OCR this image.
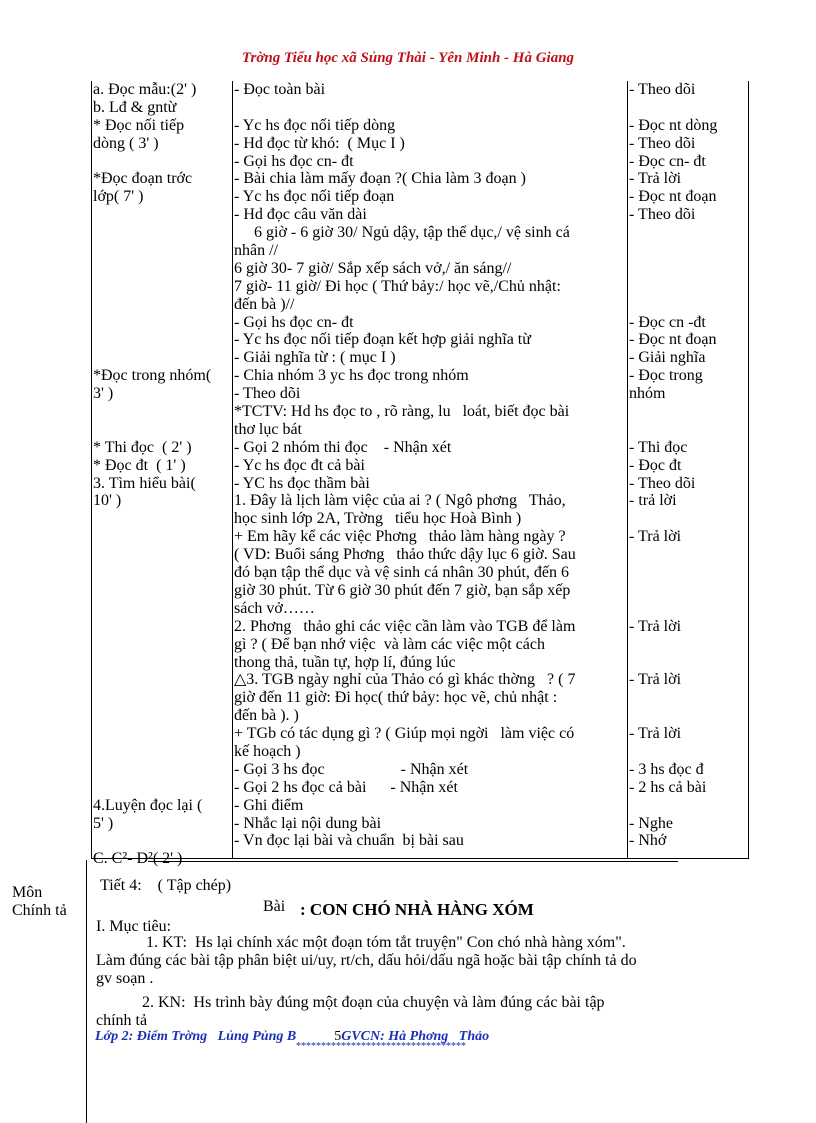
Trờng Tiểu học xã Sủng Thài - Yên Minh - Hà Giang
a. Đọc mẫu:(2' )
b. Lđ & gntừ
* Đọc nối tiếp
dòng ( 3' )
*Đọc đoạn trớc
lớp( 7' )
*Đọc trong nhóm(
3' )
* Thi đọc  ( 2' )
* Đọc đt  ( 1' )
3. Tìm hiểu bài(
10' )
4.Luyện đọc lại (
5' )
C. C²- D²( 2' )
- Đọc toàn bài
- Yc hs đọc nối tiếp dòng
- Hd đọc từ khó:  ( Mục I )
- Gọi hs đọc cn- đt
- Bài chia làm mấy đoạn ?( Chia làm 3 đoạn )
- Yc hs đọc nối tiếp đoạn
- Hd đọc câu văn dài
6 giờ - 6 giờ 30/ Ngủ dậy, tập thể dục,/ vệ sinh cá
nhân //
6 giờ 30- 7 giờ/ Sắp xếp sách vở,/ ăn sáng//
7 giờ- 11 giờ/ Đi học ( Thứ bảy:/ học vẽ,/Chủ nhật:
đến bà )//
- Gọi hs đọc cn- đt
- Yc hs đọc nối tiếp đoạn kết hợp giải nghĩa từ
- Giải nghĩa từ : ( mục I )
- Chia nhóm 3 yc hs đọc trong nhóm
- Theo dõi
*TCTV: Hd hs đọc to , rõ ràng, lu   loát, biết đọc bài
thơ lục bát
- Gọi 2 nhóm thi đọc    - Nhận xét
- Yc hs đọc đt cả bài
- YC hs đọc thầm bài
1. Đây là lịch làm việc của ai ? ( Ngô phơng   Thảo,
học sinh lớp 2A, Trờng   tiểu học Hoà Bình )
+ Em hãy kể các việc Phơng   thảo làm hàng ngày ?
( VD: Buổi sáng Phơng   thảo thức dậy lục 6 giờ. Sau
đó bạn tập thể dục và vệ sinh cá nhân 30 phút, đến 6
giờ 30 phút. Từ 6 giờ 30 phút đến 7 giờ, bạn sắp xếp
sách vở……
2. Phơng   thảo ghi các việc cần làm vào TGB để làm
gì ? ( Để bạn nhớ việc  và làm các việc một cách
thong thả, tuần tự, hợp lí, đúng lúc
△3. TGB ngày nghỉ của Thảo có gì khác thờng   ? ( 7
giờ đến 11 giờ: Đi học( thứ bảy: học vẽ, chủ nhật :
đến bà ). )
+ TGb có tác dụng gì ? ( Giúp mọi ngời   làm việc có
kế hoạch )
- Gọi 3 hs đọc                   - Nhận xét
- Gọi 2 hs đọc cả bài      - Nhận xét
- Ghi điểm
- Nhắc lại nội dung bài
- Vn đọc lại bài và chuẩn  bị bài sau
- Theo dõi
- Đọc nt dòng
- Theo dõi
- Đọc cn- đt
- Trả lời
- Đọc nt đoạn
- Theo dõi
- Đọc cn -đt
- Đọc nt đoạn
- Giải nghĩa
- Đọc trong
nhóm
- Thi đọc
- Đọc đt
- Theo dõi
- trả lời
- Trả lời
- Trả lời
- Trả lời
- Trả lời
- 3 hs đọc đ
- 2 hs cả bài
- Nghe
- Nhớ
Môn
Chính tả
Tiết 4:    ( Tập chép)
Bài : CON CHÓ NHÀ HÀNG XÓM
I. Mục tiêu:
1. KT:  Hs lại chính xác một đoạn tóm tắt truyện" Con chó nhà hàng xóm".
Làm đúng các bài tập phân biệt ui/uy, rt/ch, dấu hỏi/dấu ngã hoặc bài tập chính tả do
gv soạn .
2. KN:  Hs trình bày đúng một đoạn của chuyện và làm đúng các bài tập
chính tả
Lớp 2: Điểm Trờng   Lủng Pủng B	5GVCN: Hà Phơng   Thảo
**********************************
